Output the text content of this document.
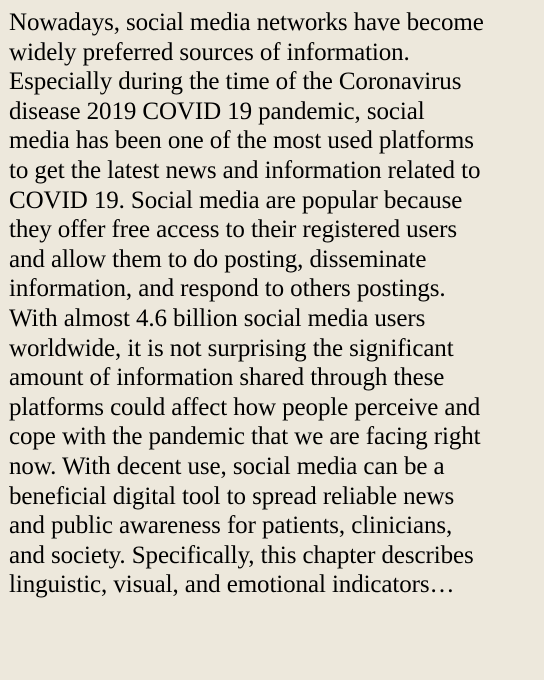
Nowadays, social media networks have become
widely preferred sources of information.
Especially during the time of the Coronavirus
disease 2019 COVID 19 pandemic, social
media has been one of the most used platforms
to get the latest news and information related to
COVID 19. Social media are popular because
they offer free access to their registered users
and allow them to do posting, disseminate
information, and respond to others postings.
With almost 4.6 billion social media users
worldwide, it is not surprising the significant
amount of information shared through these
platforms could affect how people perceive and
cope with the pandemic that we are facing right
now. With decent use, social media can be a
beneficial digital tool to spread reliable news
and public awareness for patients, clinicians,
and society. Specifically, this chapter describes
linguistic, visual, and emotional indicators…
